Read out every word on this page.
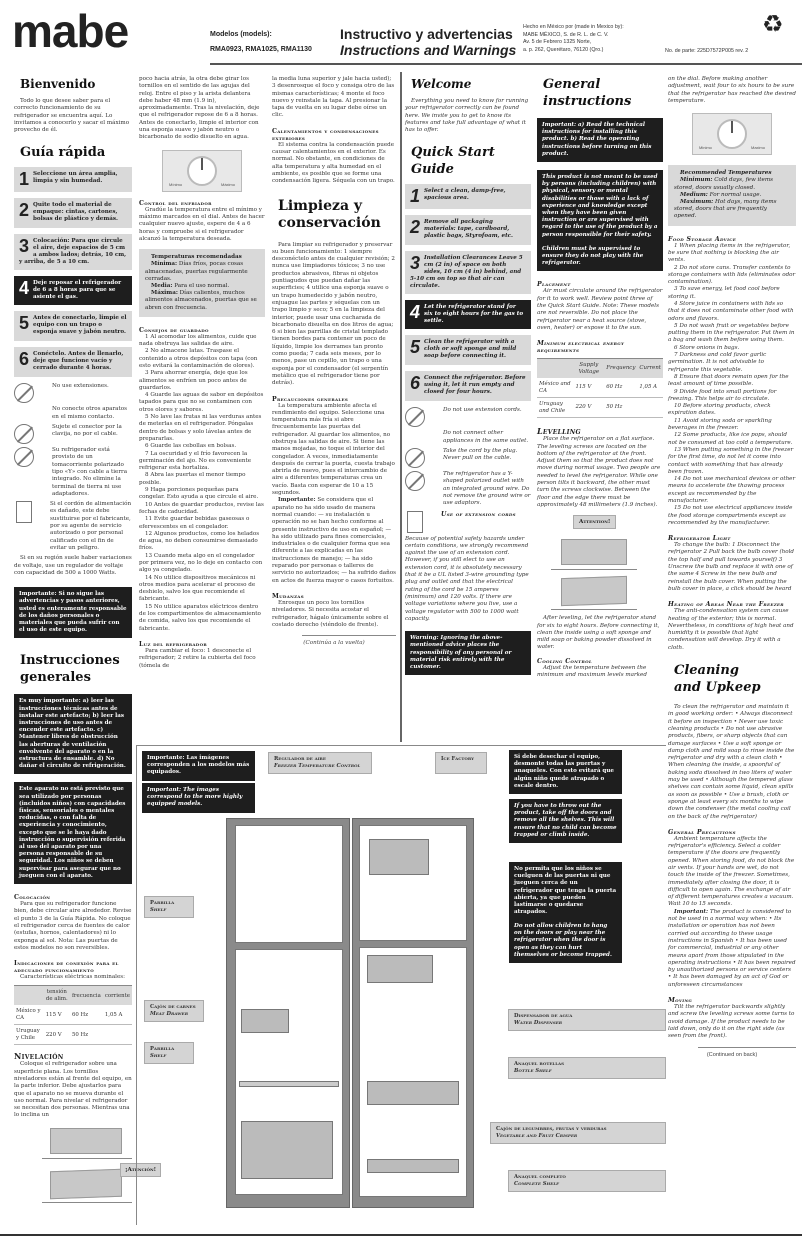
mabe	Modelos (models):
RMA0923, RMA1025, RMA1130
Instructivo y advertencias
Instructions and Warnings
Hecho en México por (made in Mexico by):
MABE MÉXICO, S. de R. L. de C. V.
Av. 5 de Febrero 1325 Norte,
a. p. 262, Querétaro, 76120 (Qro.)	No. de parte: 225D7572P005 rev. 2
♻
Bienvenido

Todo lo que desee saber para el correcto funcionamiento de su refrigerador se encuentra aquí. Lo invitamos a conocerlo y sacar el máximo provecho de él.

Guía rápida
1 Seleccione un área amplia, limpia y sin humedad.
2 Quite todo el material de empaque: cintas, cartones, bolsas de plástico y demás.
3 Colocación: Para que circule el aire, deje espacios de 5 cm a ambos lados; detrás, 10 cm, y arriba, de 5 a 10 cm.
4 Deje reposar el refrigerador de 6 a 8 horas para que se asiente el gas.
5 Antes de conectarlo, limpie el equipo con un trapo o esponja suave y jabón neutro.
6 Conéctelo. Antes de llenarlo, deje que funcione vacío y cerrado durante 4 horas.
No use extensiones.
No conecte otros aparatos en el mismo contacto.
Sujete el conector por la clavija, no por el cable.
Su refrigerador está provisto de un tomacorriente polarizado tipo «Y» con cable a tierra integrado. No elimine la terminal de tierra ni use adaptadores.
Si el cordón de alimentación es dañado, este debe sustituirse por el fabricante, por su agente de servicio autorizado o por personal calificado con el fin de evitar un peligro.

Si en su región suele haber variaciones de voltaje, use un regulador de voltaje con capacidad de 500 a 1000 Watts.

Importante: Si no sigue las advertencias y pasos anteriores, usted es enteramente responsable de los daños personales o materiales que pueda sufrir con el uso de este equipo.
Instrucciones generales
Es muy importante: a) leer las instrucciones técnicas antes de instalar este artefacto; b) leer las instrucciones de uso antes de encender este artefacto. c) Mantener libres de obstrucción las aberturas de ventilación envolvente del aparato o en la estructura de ensamble. d) No dañar el circuito de refrigeración.
Este aparato no está previsto que sea utilizado por personas (incluidos niños) con capacidades físicas, sensoriales o mentales reducidas, o con falta de experiencia y conocimiento, excepto que se le haya dado instrucción o supervisión referida al uso del aparato por una persona responsable de su seguridad. Los niños se deben supervisar para asegurar que no jueguen con el aparato.
Colocación

Para que su refrigerador funcione bien, debe circular aire alrededor. Revise el punto 3 de la Guía Rápida. No coloque el refrigerador cerca de fuentes de calor (estufas, hornos, calentadores) ni lo exponga al sol. Nota: Las puertas de estos modelos no son reversibles.

Indicaciones de conexión para el adecuado funcionamiento

Características eléctricas nominales:

	tensión de alim.	frecuencia	corriente
México y CA	115 V	60 Hz	1,05 A
Uruguay y Chile	220 V	50 Hz	
Nivelación

Coloque el refrigerador sobre una superficie plana. Los tornillos niveladores están al frente del equipo, en la parte inferior. Debe ajustarlos para que el aparato no se mueva durante el uso normal. Para nivelar el refrigerador se necesitan dos personas. Mientras una lo inclina un

¡Atención!

poco hacia atrás, la otra debe girar los tornillos en el sentido de las agujas del reloj. Entre el piso y la arista delantera debe haber 48 mm (1.9 in), aproximadamente. Tras la nivelación, deje que el refrigerador repose de 6 a 8 horas. Antes de conectarlo, limpie el interior con una esponja suave y jabón neutro o bicarbonato de sodio disuelto en agua.

Mínimo	Máximo
Control del enfriador

Gradúe la temperatura entre el mínimo y máximo marcados en el dial. Antes de hacer cualquier nuevo ajuste, espere de 4 a 6 horas y compruebe si el refrigerador alcanzó la temperatura deseada.

Temperaturas recomendadas
Mínima: Días fríos, pocas cosas almacenadas, puertas regularmente cerradas.
Media: Para el uso normal.
Máxima: Días calientes, muchos alimentos almacenados, puertas que se abren con frecuencia.
Consejos de guardado

1 Al acomodar los alimentos, cuide que nada obstruya las salidas de aire.

2 No almacene latas. Traspase el contenido a otros depósitos con tapa (con esto evitará la contaminación de olores).

3 Para ahorrar energía, deje que los alimentos se enfríen un poco antes de guardarlos.

4 Guarde las aguas de sabor en depósitos tapados para que no se contaminen con otros olores y sabores.

5 No lave las frutas ni las verduras antes de meterlas en el refrigerador. Póngalas dentro de bolsas y solo lávelas antes de prepararlas.

6 Guarde las cebollas en bolsas.

7 La oscuridad y el frío favorecen la germinación del ajo. No es conveniente refrigerar esta hortaliza.

8 Abra las puertas el menor tiempo posible.

9 Haga porciones pequeñas para congelar. Esto ayuda a que circule el aire.

10 Antes de guardar productos, revise las fechas de caducidad.

11 Evite guardar bebidas gaseosas o efervescentes en el congelador.

12 Algunos productos, como los helados de agua, no deben consumirse demasiado fríos.

13 Cuando meta algo en el congelador por primera vez, no lo deje en contacto con algo ya congelado.

14 No utilice dispositivos mecánicos ni otros medios para acelerar el proceso de deshielo, salvo los que recomiende el fabricante.

15 No utilice aparatos eléctricos dentro de los compartimentos de almacenamiento de comida, salvo los que recomiende el fabricante.

Luz del refrigerador

Para cambiar el foco: 1 desconecte el refrigerador; 2 retire la cubierta del foco (tómela de

la media luna superior y jale hacia usted); 3 desenrosque el foco y consiga otro de las mismas características; 4 monte el foco nuevo y reinstale la tapa. Al presionar la tapa de vuelta en su lugar debe oírse un clic.

Calentamientos y condensaciones exteriores

El sistema contra la condensación puede causar calentamientos en el exterior. Es normal. No obstante, en condiciones de alta temperatura y alta humedad en el ambiente, es posible que se forme una condensación ligera. Séquela con un trapo.

Limpieza y conservación

Para limpiar su refrigerador y preservar su buen funcionamiento: 1 siempre desconéctelo antes de cualquier revisión; 2 nunca use limpiadores tóxicos; 3 no use productos abrasivos, fibras ni objetos puntiagudos que puedan dañar las superficies; 4 utilice una esponja suave o un trapo humedecido y jabón neutro, enjuague las partes y séquelas con un trapo limpio y seco; 5 en la limpieza del interior, puede usar una cucharada de bicarbonato disuelta en dos litros de agua; 6 si bien las parrillas de cristal templado tienen bordes para contener un poco de líquido, limpie los derrames tan pronto como pueda; 7 cada seis meses, por lo menos, pase un cepillo, un trapo o una esponja por el condensador (el serpentín metálico que el refrigerador tiene por detrás).

Precauciones generales

La temperatura ambiente afecta el rendimiento del equipo. Seleccione una temperatura más fría si abre frecuentemente las puertas del refrigerador. Al guardar los alimentos, no obstruya las salidas de aire. Si tiene las manos mojadas, no toque el interior del congelador. A veces, inmediatamente después de cerrar la puerta, cuesta trabajo abrirla de nuevo, pues el intercambio de aire a diferentes temperaturas crea un vacío. Basta con esperar de 10 a 15 segundos.

Importante: Se considera que el aparato no ha sido usado de manera normal cuando: — su instalación u operación no se han hecho conforme al presente instructivo de uso en español; — ha sido utilizado para fines comerciales, industriales o de cualquier forma que sea diferente a las explicadas en las instrucciones de manejo; — ha sido reparado por personas o talleres de servicio no autorizados; — ha sufrido daños en actos de fuerza mayor o casos fortuitos.

Mudanzas

Enrosque un poco los tornillos niveladores. Si necesita acostar el refrigerador, hágalo únicamente sobre el costado derecho (viéndolo de frente).

(Continúa a la vuelta)
Welcome

Everything you need to know for running your refrigerator correctly can be found here. We invite you to get to know its features and take full advantage of what it has to offer.

Quick Start Guide
1 Select a clean, damp-free, spacious area.
2 Remove all packaging materials: tape, cardboard, plastic bags, Styrofoam, etc.
3 Installation Clearances Leave 5 cm (2 in) of space on both sides, 10 cm (4 in) behind, and 5-10 cm on top so that air can circulate.
4 Let the refrigerator stand for six to eight hours for the gas to settle.
5 Clean the refrigerator with a cloth or soft sponge and mild soap before connecting it.
6 Connect the refrigerator. Before using it, let it run empty and closed for four hours.
Do not use extension cords.
Do not connect other appliances in the same outlet.
Take the cord by the plug. Never pull on the cable.
The refrigerator has a Y-shaped polarized outlet with an integrated ground wire. Do not remove the ground wire or use adaptors.
Use of extension cords

Because of potential safety hazards under certain conditions, we strongly recommend against the use of an extension cord. However, if you still elect to use an extension cord, it is absolutely necessary that it be a UL listed 3-wire grounding type plug and outlet and that the electrical rating of the cord be 15 amperes (minimum) and 120 volts. If there are voltage variations where you live, use a voltage regulator with 500 to 1000 watt capacity.

Warning: Ignoring the above-mentioned advice places the responsibility of any personal or material risk entirely with the customer.
General instructions
Important: a) Read the technical instructions for installing this product. b) Read the operating instructions before turning on this product.
This product is not meant to be used by persons (including children) with physical, sensory or mental disabilities or those with a lack of experience and knowledge except when they have been given instruction or are supervised with regard to the use of the product by a person responsible for their safety.
Children must be supervised to ensure they do not play with the refrigerator.
Placement

Air must circulate around the refrigerator for it to work well. Review point three of the Quick Start Guide. Note: These models are not reversible. Do not place the refrigerator near a heat source (stove, oven, heater) or expose it to the sun.

Minimum electrical energy requirements
	Supply Voltage	Frequency	Current
México and CA	115 V	60 Hz	1,05 A
Uruguay and Chile	220 V	50 Hz	
Levelling

Place the refrigerator on a flat surface. The leveling screws are located on the bottom of the refrigerator at the front. Adjust them so that the product does not move during normal usage. Two people are needed to level the refrigerator. While one person tilts it backward, the other must turn the screws clockwise. Between the floor and the edge there must be approximately 48 millimeters (1.9 inches).

Attention!

After leveling, let the refrigerator stand for six to eight hours. Before connecting it, clean the inside using a soft sponge and mild soap or baking powder dissolved in water.

Cooling Control

Adjust the temperature between the minimum and maximum levels marked

on the dial. Before making another adjustment, wait four to six hours to be sure that the refrigerator has reached the desired temperature.

Minimo	Maximo
Recommended Temperatures
Minimum: Cold days, few items stored, doors usually closed.
Medium: For normal usage.
Maximum: Hot days, many items stored, doors that are frequently opened.
Food Storage Advice

1 When placing items in the refrigerator, be sure that nothing is blocking the air vents.

2 Do not store cans. Transfer contents to storage containers with lids (eliminates odor contamination).

3 To save energy, let food cool before storing it.

4 Store juice in containers with lids so that it does not contaminate other food with odors and flavors.

5 Do not wash fruit or vegetables before putting them in the refrigerator. Put them in a bag and wash them before using them.

6 Store onions in bags.

7 Darkness and cold favor garlic germination. It is not advisable to refrigerate this vegetable.

8 Ensure that doors remain open for the least amount of time possible.

9 Divide food into small portions for freezing. This helps air to circulate.

10 Before storing products, check expiration dates.

11 Avoid storing soda or sparkling beverages in the freezer.

12 Some products, like ice pops, should not be consumed at too cold a temperature.

13 When putting something in the freezer for the first time, do not let it come into contact with something that has already been frozen.

14 Do not use mechanical devices or other means to accelerate the thawing process except as recommended by the manufacturer.

15 Do not use electrical appliances inside the food storage compartments except as recommended by the manufacturer.

Refrigerator Light

To change the bulb: 1 Disconnect the refrigerator 2 Pull back the bulb cover (hold the top half and pull towards yourself) 3 Unscrew the bulb and replace it with one of the same 4 Screw in the new bulb and reinstall the bulb cover. When putting the bulb cover in place, a click should be heard

Heating of Areas Near the Freezer

The anti-condensation system can cause heating of the exterior; this is normal. Nevertheless, in conditions of high heat and humidity it is possible that light condensation will develop. Dry it with a cloth.

Cleaning and Upkeep

To clean the refrigerator and maintain it in good working order: • Always disconnect it before an inspection • Never use toxic cleaning products • Do not use abrasive products, fibers, or sharp objects that can damage surfaces • Use a soft sponge or damp cloth and mild soap to rinse inside the refrigerator and dry with a clean cloth • When cleaning the inside, a spoonful of baking soda dissolved in two liters of water may be used • Although the tempered glass shelves can contain some liquid, clean spills as soon as possible • Use a brush, cloth or sponge at least every six months to wipe down the condenser (the metal cooling coil on the back of the refrigerator)

General Precautions

Ambient temperature affects the refrigerator's efficiency. Select a colder temperature if the doors are frequently opened. When storing food, do not block the air vents. If your hands are wet, do not touch the inside of the freezer. Sometimes, immediately after closing the door, it is difficult to open again. The exchange of air of different temperatures creates a vacuum. Wait 10 to 15 seconds.

Important: The product is considered to not be used in a normal way when: • Its installation or operation has not been carried out according to these usage instructions in Spanish • It has been used for commercial, industrial or any other means apart from those stipulated in the operating instructions • It has been repaired by unauthorized persons or service centers • It has been damaged by an act of God or unforeseen circumstances

Moving

Tilt the refrigerator backwards slightly and screw the leveling screws some turns to avoid damage. If the product needs to be laid down, only do it on the right side (as seen from the front).

(Continued on back)
Importante: Las imágenes corresponden a los modelos más equipados.
Important: The images correspond to the more highly equipped models.
Regulador de aire
Freezer Temperature Control
Ice Factory
Parrilla
Shelf
Cajón de carnes
Meat Drawer
Parrilla
Shelf
Dispensador de agua
Water Dispenser
Anaquel botellas
Bottle Shelf
Cajón de legumbres, frutas y verduras
Vegetable and Fruit Crisper
Anaquel completo
Complete Shelf
Si debe desechar el equipo, desmonte todas las puertas y anaqueles. Con esto evitará que algún niño quede atrapado o escale dentro.
If you have to throw out the product, take off the doors and remove all the shelves. This will ensure that no child can become trapped or climb inside.
No permita que los niños se cuelguen de las puertas ni que jueguen cerca de un refrigerador que tenga la puerta abierta, ya que pueden lastimarse o quedarse atrapados.
Do not allow children to hang on the doors or play near the refrigerator when the door is open as they can hurt themselves or become trapped.
